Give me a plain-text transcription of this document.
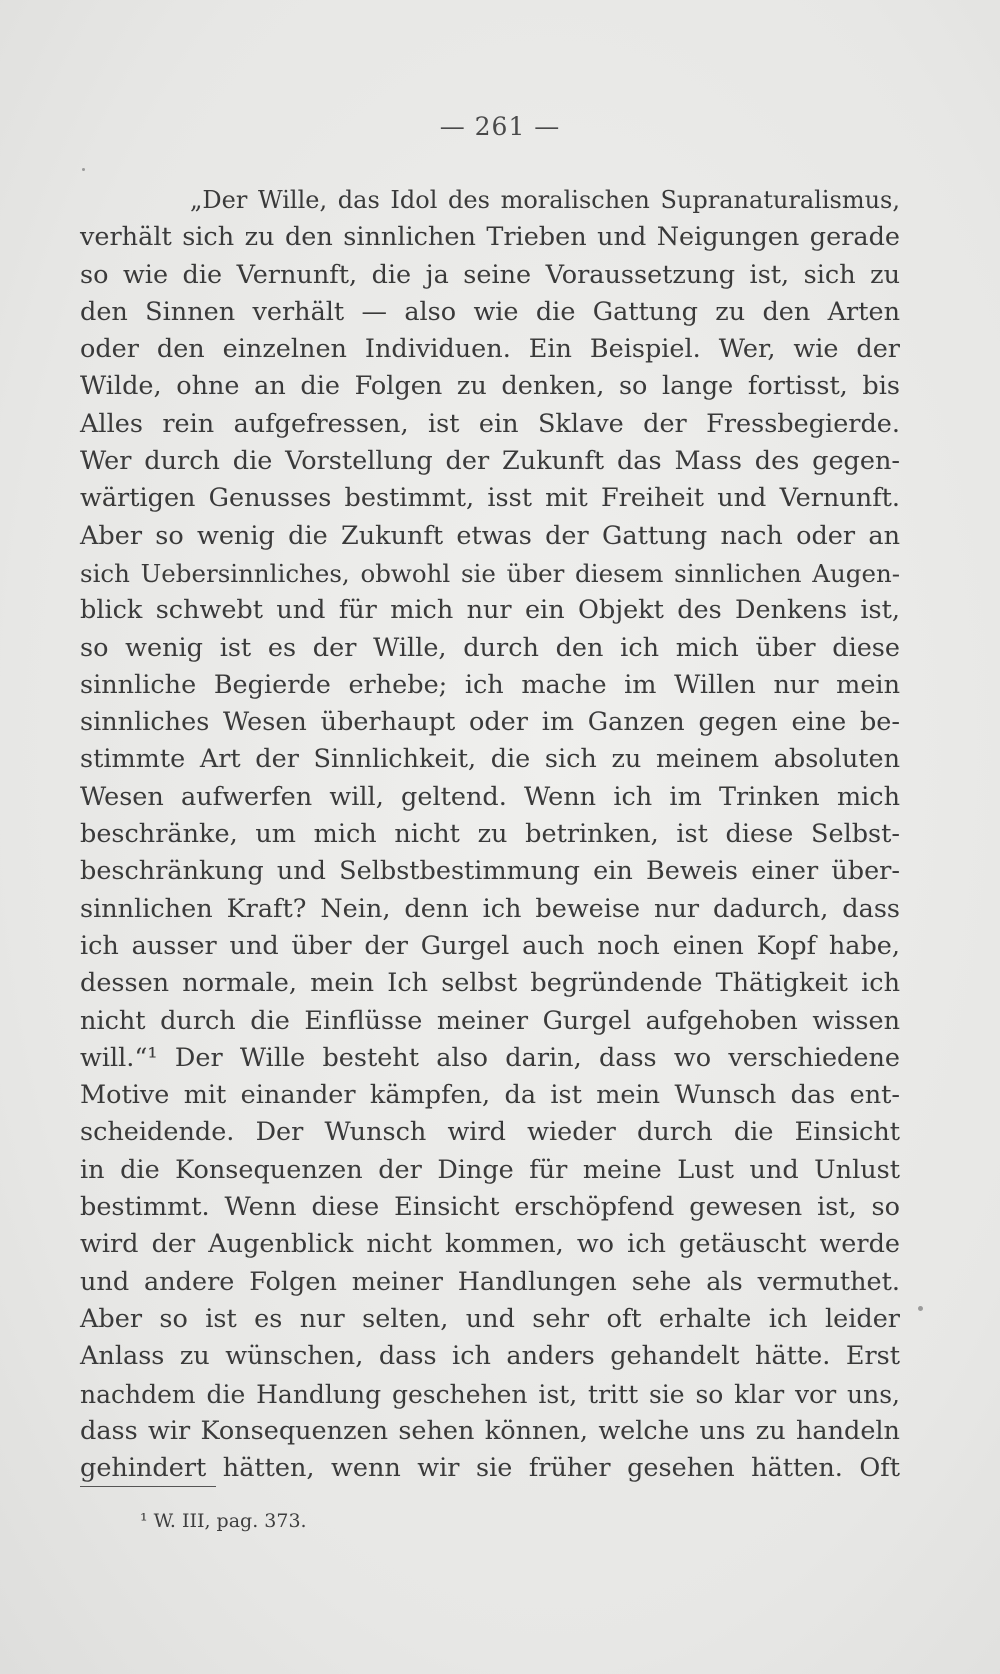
— 261 —
„Der Wille, das Idol des moralischen Supranaturalismus,
verhält sich zu den sinnlichen Trieben und Neigungen gerade
so wie die Vernunft, die ja seine Voraussetzung ist, sich zu
den Sinnen verhält — also wie die Gattung zu den Arten
oder den einzelnen Individuen. Ein Beispiel. Wer, wie der
Wilde, ohne an die Folgen zu denken, so lange fortisst, bis
Alles rein aufgefressen, ist ein Sklave der Fressbegierde.
Wer durch die Vorstellung der Zukunft das Mass des gegen-
wärtigen Genusses bestimmt, isst mit Freiheit und Vernunft.
Aber so wenig die Zukunft etwas der Gattung nach oder an
sich Uebersinnliches, obwohl sie über diesem sinnlichen Augen-
blick schwebt und für mich nur ein Objekt des Denkens ist,
so wenig ist es der Wille, durch den ich mich über diese
sinnliche Begierde erhebe; ich mache im Willen nur mein
sinnliches Wesen überhaupt oder im Ganzen gegen eine be-
stimmte Art der Sinnlichkeit, die sich zu meinem absoluten
Wesen aufwerfen will, geltend. Wenn ich im Trinken mich
beschränke, um mich nicht zu betrinken, ist diese Selbst-
beschränkung und Selbstbestimmung ein Beweis einer über-
sinnlichen Kraft? Nein, denn ich beweise nur dadurch, dass
ich ausser und über der Gurgel auch noch einen Kopf habe,
dessen normale, mein Ich selbst begründende Thätigkeit ich
nicht durch die Einflüsse meiner Gurgel aufgehoben wissen
will.“¹ Der Wille besteht also darin, dass wo verschiedene
Motive mit einander kämpfen, da ist mein Wunsch das ent-
scheidende. Der Wunsch wird wieder durch die Einsicht
in die Konsequenzen der Dinge für meine Lust und Unlust
bestimmt. Wenn diese Einsicht erschöpfend gewesen ist, so
wird der Augenblick nicht kommen, wo ich getäuscht werde
und andere Folgen meiner Handlungen sehe als vermuthet.
Aber so ist es nur selten, und sehr oft erhalte ich leider
Anlass zu wünschen, dass ich anders gehandelt hätte. Erst
nachdem die Handlung geschehen ist, tritt sie so klar vor uns,
dass wir Konsequenzen sehen können, welche uns zu handeln
gehindert hätten, wenn wir sie früher gesehen hätten. Oft
¹ W. III, pag. 373.
